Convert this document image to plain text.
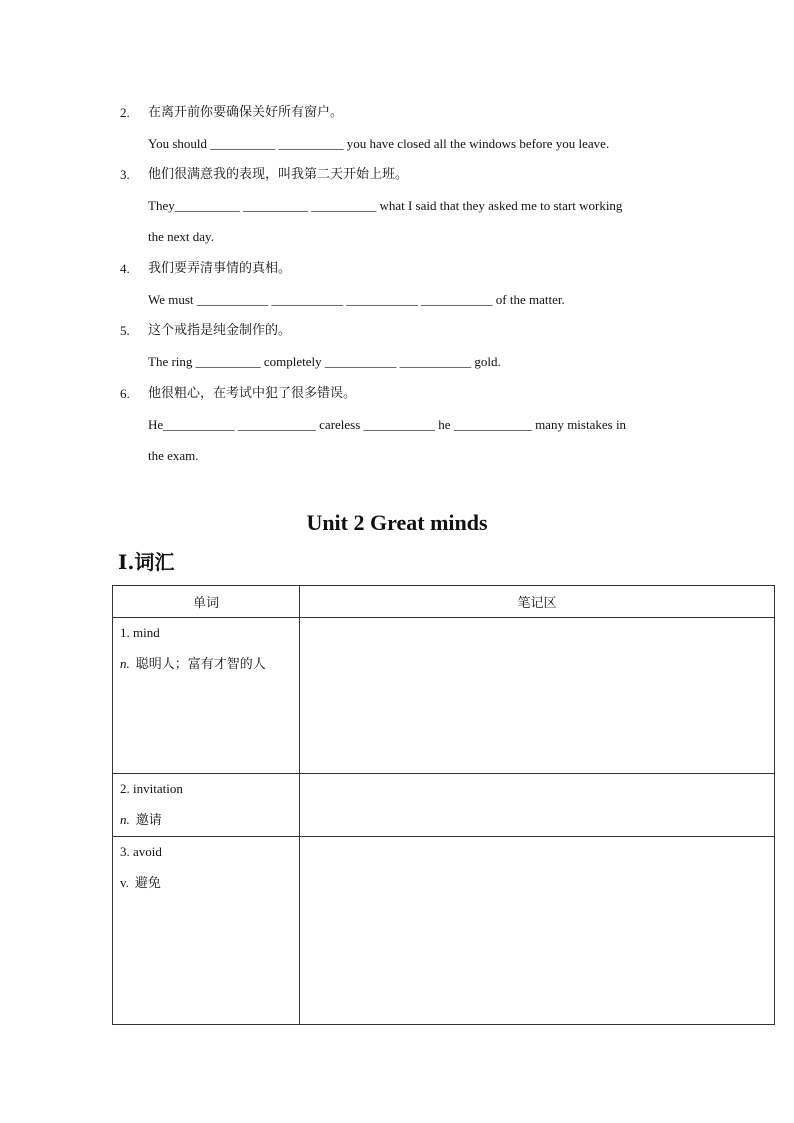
2. 在离开前你要确保关好所有窗户。
You should __________ __________ you have closed all the windows before you leave.
3. 他们很满意我的表现，叫我第二天开始上班。
They__________ __________ __________ what I said that they asked me to start working
the next day.
4. 我们要弄清事情的真相。
We must ___________ ___________ ___________ ___________ of the matter.
5. 这个戒指是纯金制作的。
The ring __________ completely ___________ ___________ gold.
6. 他很粗心，在考试中犯了很多错误。
He___________ ____________ careless ___________ he ____________ many mistakes in
the exam.
Unit 2 Great minds
I.词汇
单词	笔记区

1. mind
n. 聪明人；富有才智的人	

2. invitation
n. 邀请	

3. avoid
v. 避免	
